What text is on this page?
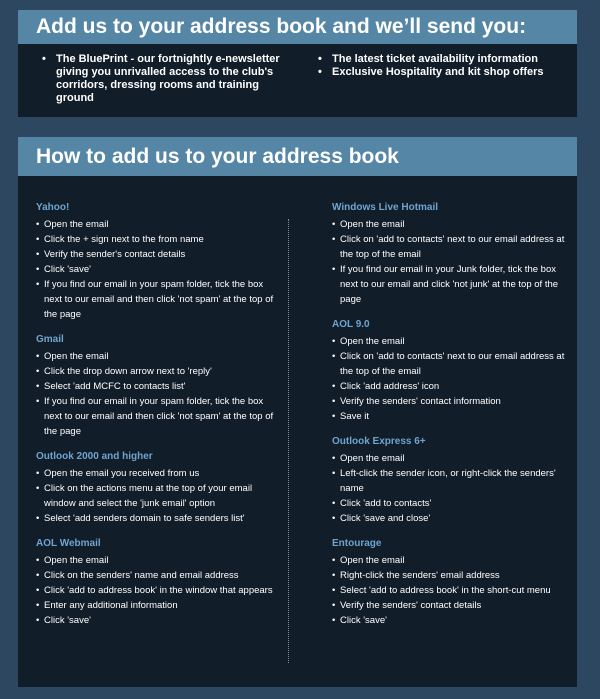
Add us to your address book and we’ll send you:
• The BluePrint - our fortnightly e-newsletter giving you unrivalled access to the club's corridors, dressing rooms and training ground
• The latest ticket availability information
• Exclusive Hospitality and kit shop offers
How to add us to your address book
Yahoo!
• Open the email
• Click the + sign next to the from name
• Verify the sender's contact details
• Click 'save'
• If you find our email in your spam folder, tick the box next to our email and then click 'not spam' at the top of the page
Gmail
• Open the email
• Click the drop down arrow next to 'reply'
• Select 'add MCFC to contacts list'
• If you find our email in your spam folder, tick the box next to our email and then click 'not spam' at the top of the page
Outlook 2000 and higher
• Open the email you received from us
• Click on the actions menu at the top of your email window and select the 'junk email' option
• Select 'add senders domain to safe senders list'
AOL Webmail
• Open the email
• Click on the senders' name and email address
• Click 'add to address book' in the window that appears
• Enter any additional information
• Click 'save'
Windows Live Hotmail
• Open the email
• Click on 'add to contacts' next to our email address at the top of the email
• If you find our email in your Junk folder, tick the box next to our email and click 'not junk' at the top of the page
AOL 9.0
• Open the email
• Click on 'add to contacts' next to our email address at the top of the email
• Click 'add address' icon
• Verify the senders' contact information
• Save it
Outlook Express 6+
• Open the email
• Left-click the sender icon, or right-click the senders' name
• Click 'add to contacts'
• Click 'save and close'
Entourage
• Open the email
• Right-click the senders' email address
• Select 'add to address book' in the short-cut menu
• Verify the senders' contact details
• Click 'save'
